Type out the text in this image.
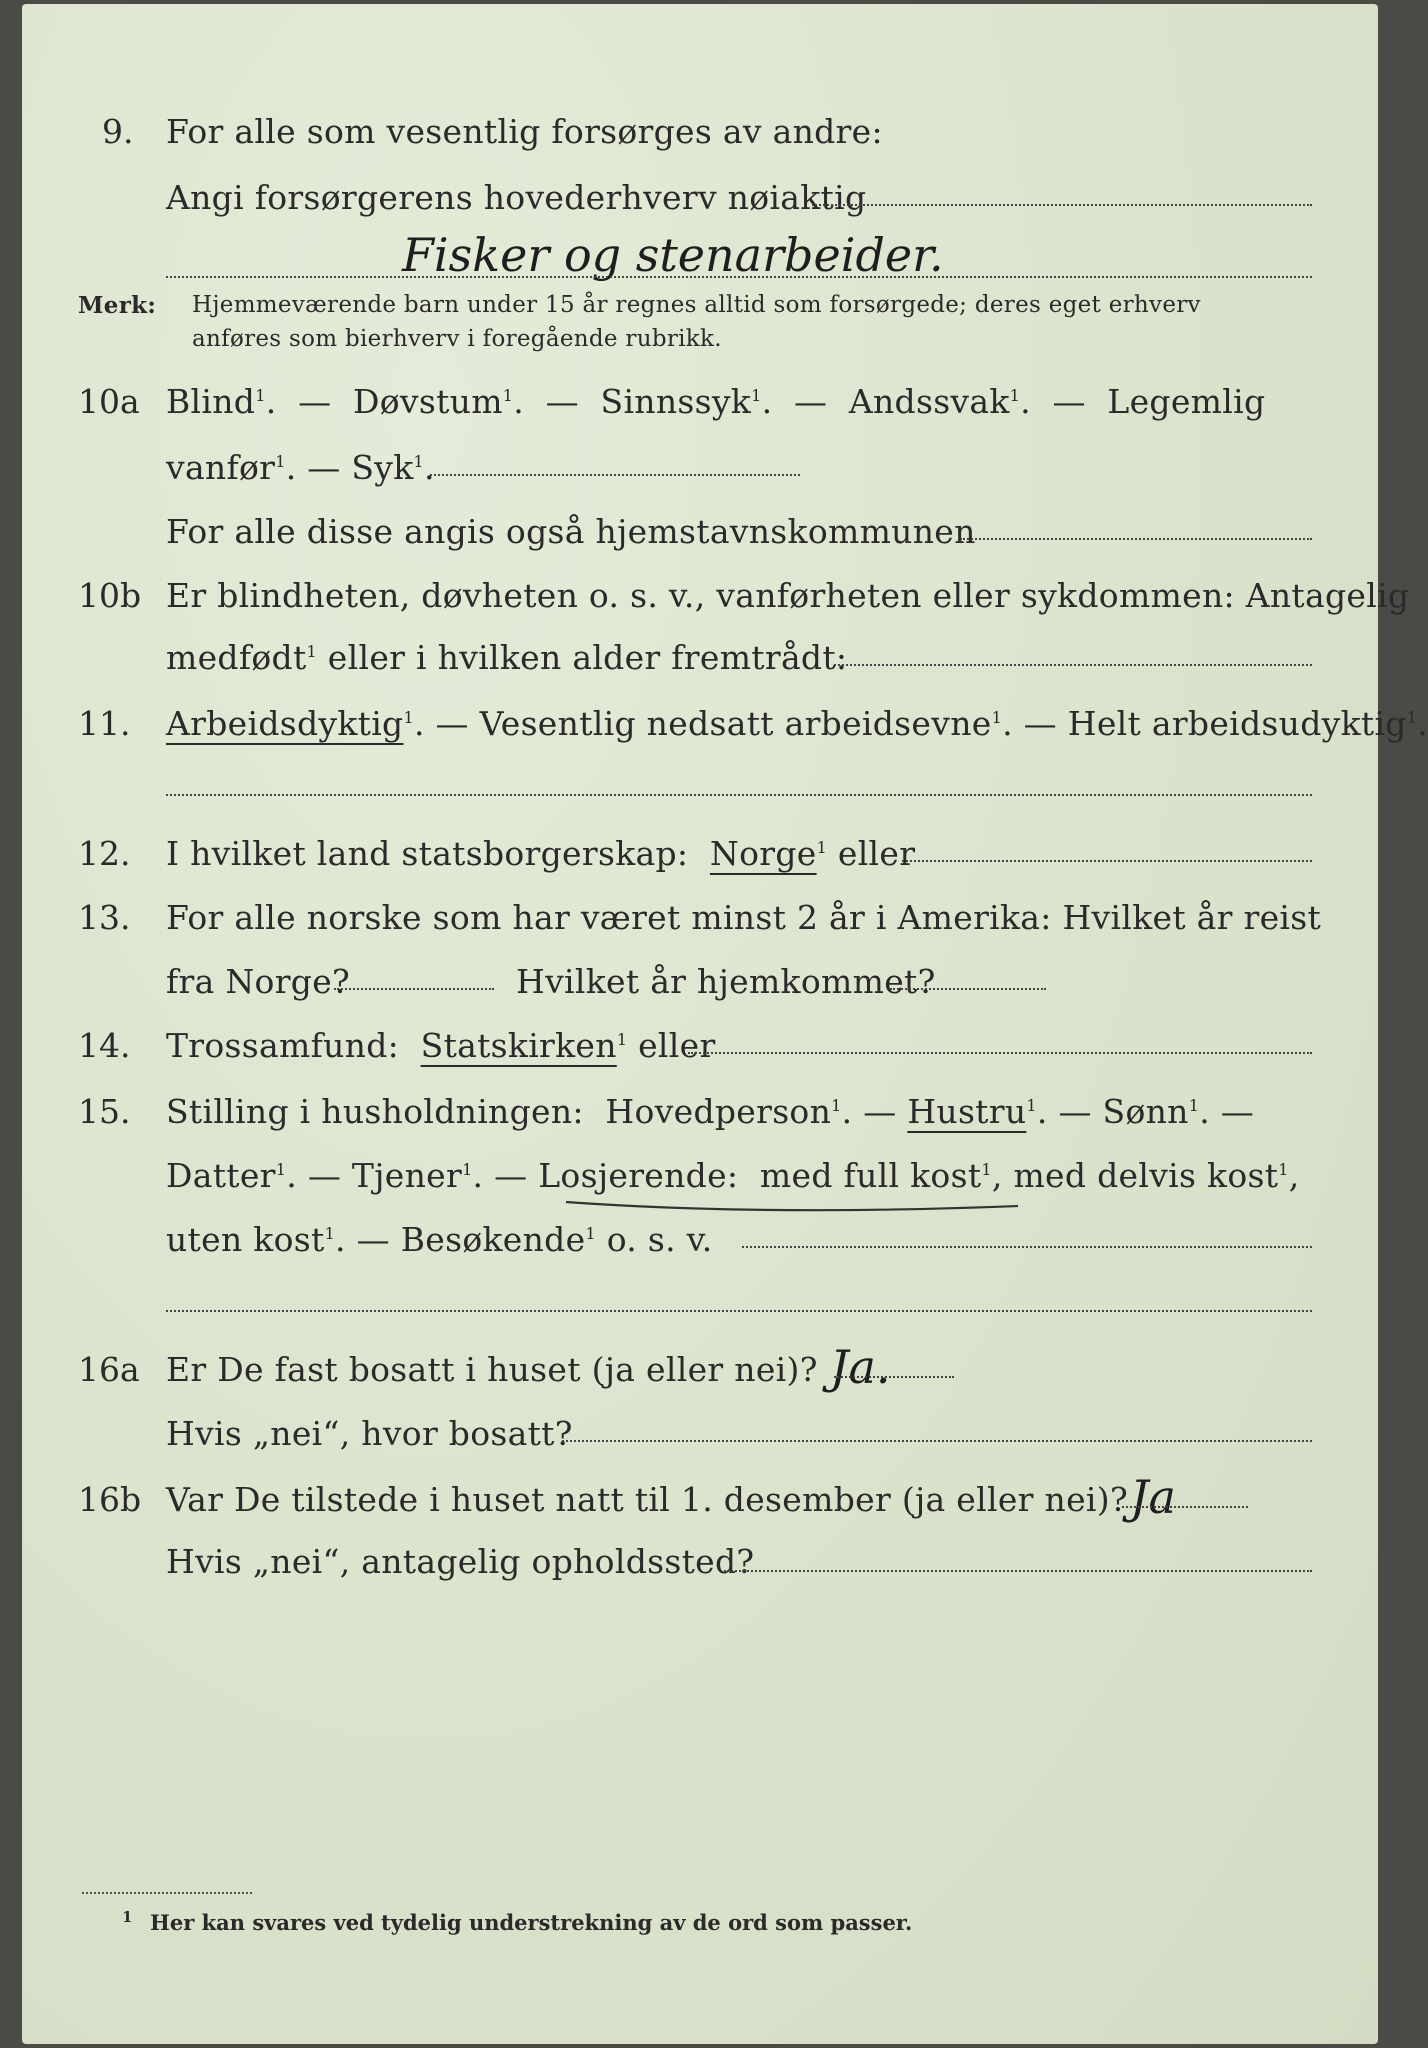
9. For alle som vesentlig forsørges av andre:
Angi forsørgerens hovederhverv nøiaktig
Fisker og stenarbeider.
Merk: Hjemmeværende barn under 15 år regnes alltid som forsørgede; deres eget erhverv
anføres som bierhverv i foregående rubrikk.
10a Blind$^1$.  —  Døvstum$^1$.  —  Sinnssyk$^1$.  —  Andssvak$^1$.  —  Legemlig
vanfør$^1$. — Syk$^1$.
For alle disse angis også hjemstavnskommunen
10b Er blindheten, døvheten o. s. v., vanførheten eller sykdommen: Antagelig
medfødt$^1$ eller i hvilken alder fremtrådt:
11. Arbeidsdyktig$^1$. — Vesentlig nedsatt arbeidsevne$^1$. — Helt arbeidsudyktig$^1$.
12. I hvilket land statsborgerskap: Norge$^1$ eller
13. For alle norske som har været minst 2 år i Amerika: Hvilket år reist
fra Norge?	Hvilket år hjemkommet?
14. Trossamfund: Statskirken$^1$ eller
15. Stilling i husholdningen: Hovedperson$^1$. — Hustru$^1$. — Sønn$^1$. —
Datter$^1$. — Tjener$^1$. — Losjerende: med full kost$^1$, med delvis kost$^1$,
uten kost$^1$. — Besøkende$^1$ o. s. v.
16a Er De fast bosatt i huset (ja eller nei)? Ja.
Hvis „nei“, hvor bosatt?
16b Var De tilstede i huset natt til 1. desember (ja eller nei)? Ja
Hvis „nei“, antagelig opholdssted?
1 Her kan svares ved tydelig understrekning av de ord som passer.
